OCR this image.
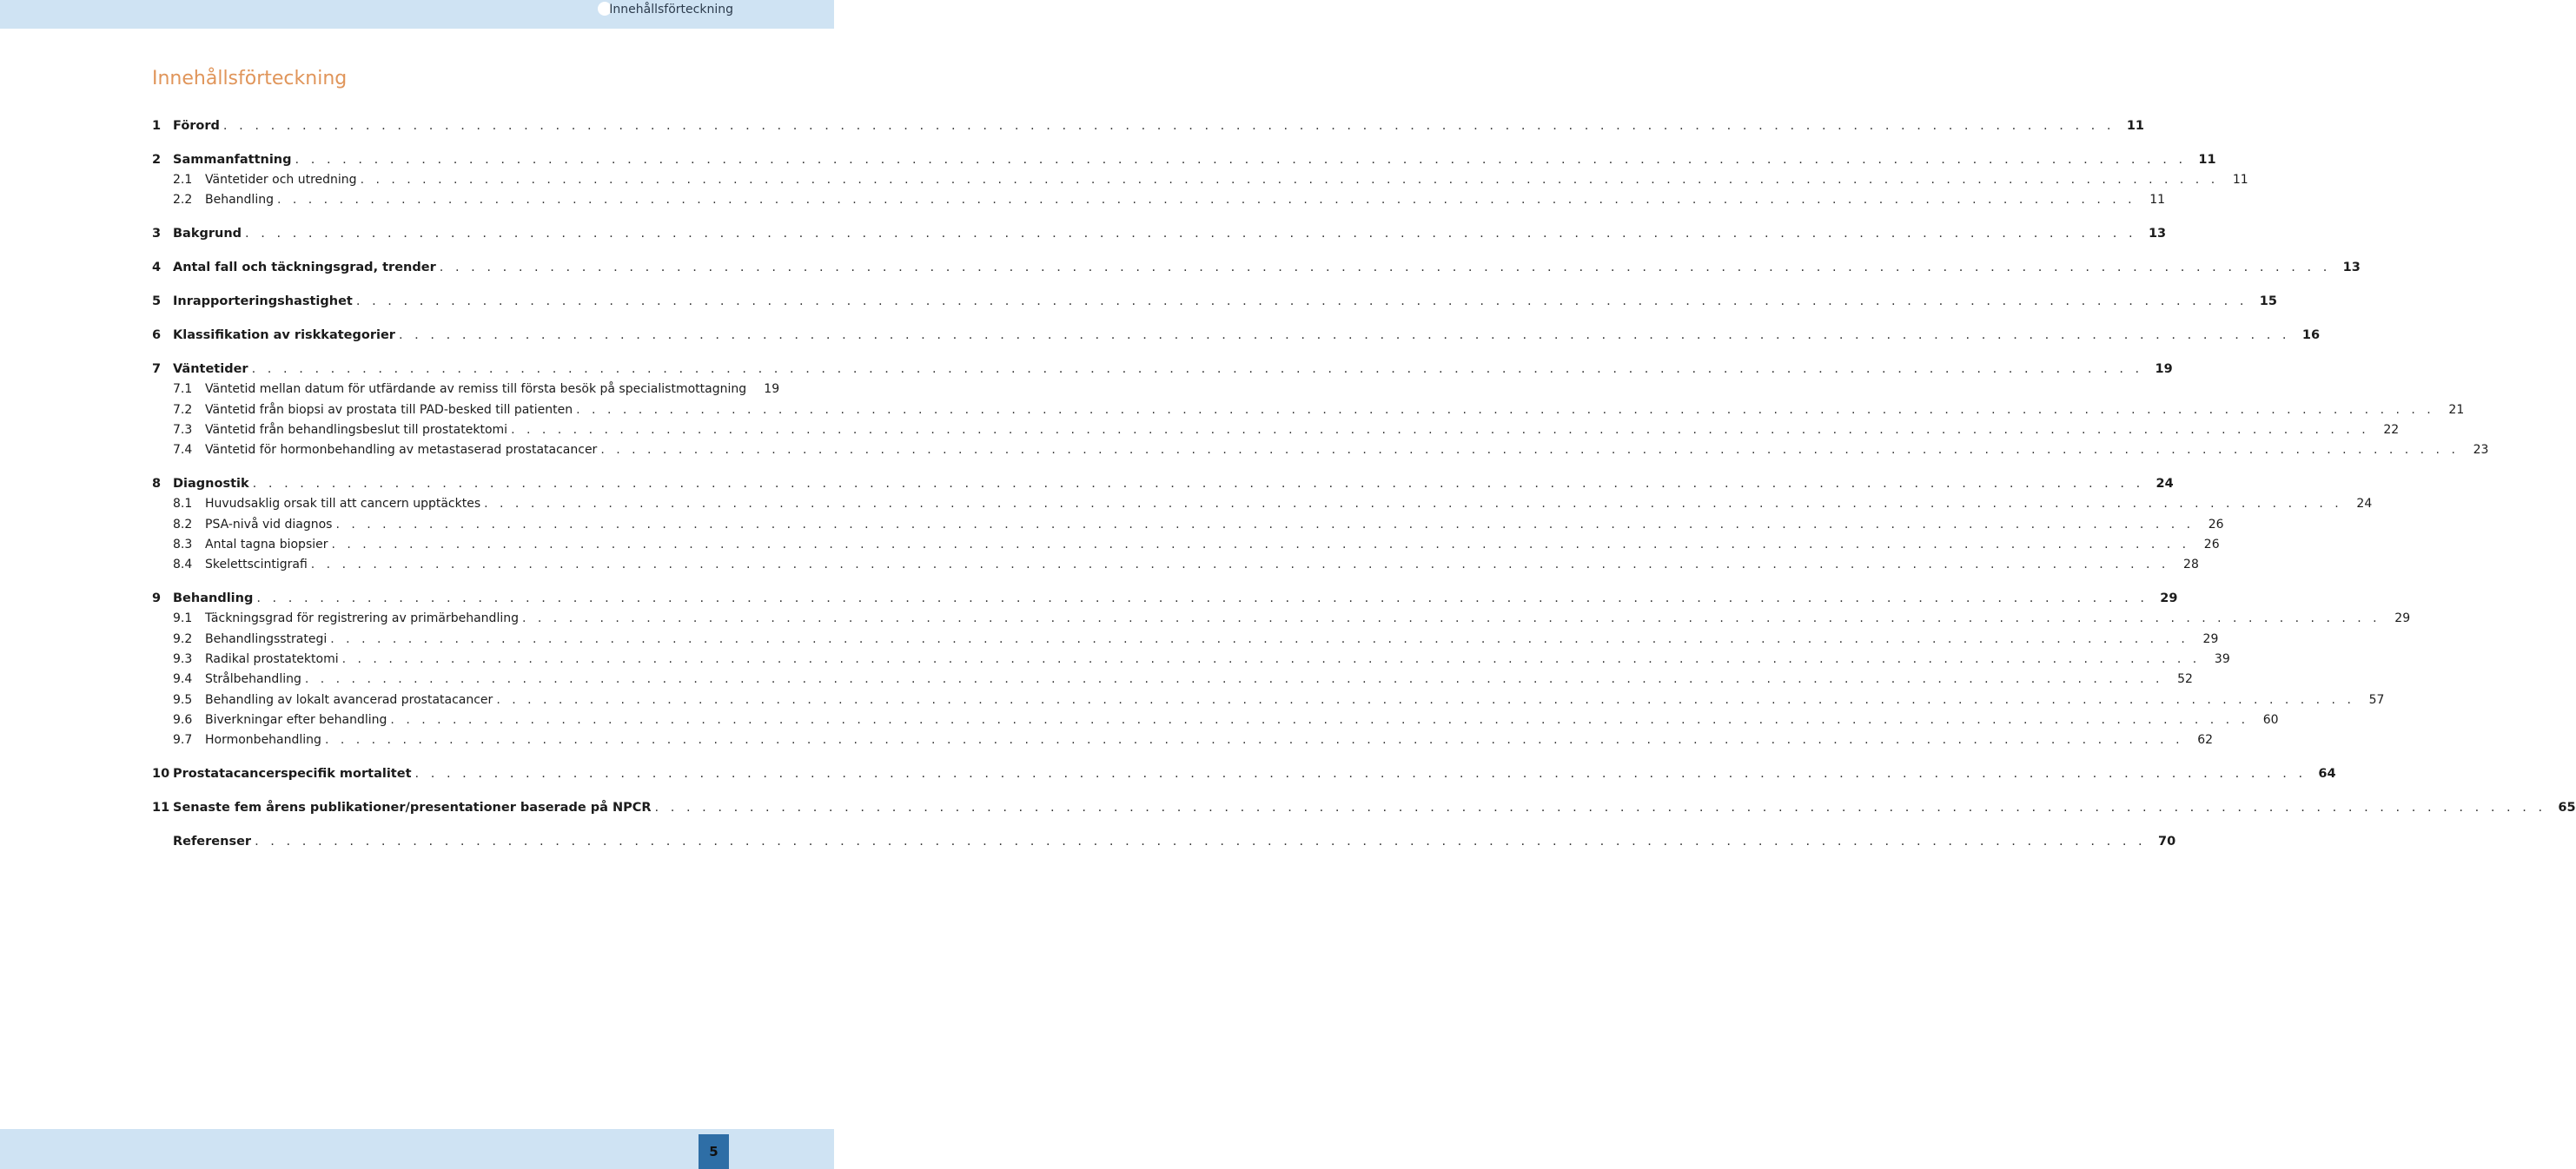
Innehållsförteckning
Innehållsförteckning
1 Förord . . . . . . . . . . . . . . . . . . . . . . . . . . . . . . . . . . . . . . . . . . . . . . . . . . . . . . . . . . . . . . . . . . . . . . . . . . . . . . . . . . . . . . . . . . . . . . . . . . . . . . . . . . . . . . . . . . . . . . . . 11
2 Sammanfattning . . . . . . . . . . . . . . . . . . . . . . . . . . . . . . . . . . . . . . . . . . . . . . . . . . . . . . . . . . . . . . . . . . . . . . . . . . . . . . . . . . . . . . . . . . . . . . . . . . . . . . . . . . . . . . . . . . . . . . . . 11
2.1	Väntetider och utredning . . . . . . . . . . . . . . . . . . . . . . . . . . . . . . . . . . . . . . . . . . . . . . . . . . . . . . . . . . . . . . . . . . . . . . . . . . . . . . . . . . . . . . . . . . . . . . . . . . . . . . . . . . . . . . . . . . . . . . . .	11
2.2	Behandling . . . . . . . . . . . . . . . . . . . . . . . . . . . . . . . . . . . . . . . . . . . . . . . . . . . . . . . . . . . . . . . . . . . . . . . . . . . . . . . . . . . . . . . . . . . . . . . . . . . . . . . . . . . . . . . . . . . . . . . .	11
3 Bakgrund . . . . . . . . . . . . . . . . . . . . . . . . . . . . . . . . . . . . . . . . . . . . . . . . . . . . . . . . . . . . . . . . . . . . . . . . . . . . . . . . . . . . . . . . . . . . . . . . . . . . . . . . . . . . . . . . . . . . . . . . 13
4 Antal fall och täckningsgrad, trender . . . . . . . . . . . . . . . . . . . . . . . . . . . . . . . . . . . . . . . . . . . . . . . . . . . . . . . . . . . . . . . . . . . . . . . . . . . . . . . . . . . . . . . . . . . . . . . . . . . . . . . . . . . . . . . . . . . . . . . . 13
5 Inrapporteringshastighet . . . . . . . . . . . . . . . . . . . . . . . . . . . . . . . . . . . . . . . . . . . . . . . . . . . . . . . . . . . . . . . . . . . . . . . . . . . . . . . . . . . . . . . . . . . . . . . . . . . . . . . . . . . . . . . . . . . . . . . . 15
6 Klassifikation av riskkategorier . . . . . . . . . . . . . . . . . . . . . . . . . . . . . . . . . . . . . . . . . . . . . . . . . . . . . . . . . . . . . . . . . . . . . . . . . . . . . . . . . . . . . . . . . . . . . . . . . . . . . . . . . . . . . . . . . . . . . . . . 16
7 Väntetider . . . . . . . . . . . . . . . . . . . . . . . . . . . . . . . . . . . . . . . . . . . . . . . . . . . . . . . . . . . . . . . . . . . . . . . . . . . . . . . . . . . . . . . . . . . . . . . . . . . . . . . . . . . . . . . . . . . . . . . . 19
7.1	Väntetid mellan datum för utfärdande av remiss till första besök på specialistmottagning	19
7.2	Väntetid från biopsi av prostata till PAD-besked till patienten . . . . . . . . . . . . . . . . . . . . . . . . . . . . . . . . . . . . . . . . . . . . . . . . . . . . . . . . . . . . . . . . . . . . . . . . . . . . . . . . . . . . . . . . . . . . . . . . . . . . . . . . . . . . . . . . . . . . . . . .	21
7.3	Väntetid från behandlingsbeslut till prostatektomi . . . . . . . . . . . . . . . . . . . . . . . . . . . . . . . . . . . . . . . . . . . . . . . . . . . . . . . . . . . . . . . . . . . . . . . . . . . . . . . . . . . . . . . . . . . . . . . . . . . . . . . . . . . . . . . . . . . . . . . .	22
7.4	Väntetid för hormonbehandling av metastaserad prostatacancer . . . . . . . . . . . . . . . . . . . . . . . . . . . . . . . . . . . . . . . . . . . . . . . . . . . . . . . . . . . . . . . . . . . . . . . . . . . . . . . . . . . . . . . . . . . . . . . . . . . . . . . . . . . . . . . . . . . . . . . .	23
8 Diagnostik . . . . . . . . . . . . . . . . . . . . . . . . . . . . . . . . . . . . . . . . . . . . . . . . . . . . . . . . . . . . . . . . . . . . . . . . . . . . . . . . . . . . . . . . . . . . . . . . . . . . . . . . . . . . . . . . . . . . . . . . 24
8.1	Huvudsaklig orsak till att cancern upptäcktes . . . . . . . . . . . . . . . . . . . . . . . . . . . . . . . . . . . . . . . . . . . . . . . . . . . . . . . . . . . . . . . . . . . . . . . . . . . . . . . . . . . . . . . . . . . . . . . . . . . . . . . . . . . . . . . . . . . . . . . .	24
8.2	PSA-nivå vid diagnos . . . . . . . . . . . . . . . . . . . . . . . . . . . . . . . . . . . . . . . . . . . . . . . . . . . . . . . . . . . . . . . . . . . . . . . . . . . . . . . . . . . . . . . . . . . . . . . . . . . . . . . . . . . . . . . . . . . . . . . .	26
8.3	Antal tagna biopsier . . . . . . . . . . . . . . . . . . . . . . . . . . . . . . . . . . . . . . . . . . . . . . . . . . . . . . . . . . . . . . . . . . . . . . . . . . . . . . . . . . . . . . . . . . . . . . . . . . . . . . . . . . . . . . . . . . . . . . . .	26
8.4	Skelettscintigrafi . . . . . . . . . . . . . . . . . . . . . . . . . . . . . . . . . . . . . . . . . . . . . . . . . . . . . . . . . . . . . . . . . . . . . . . . . . . . . . . . . . . . . . . . . . . . . . . . . . . . . . . . . . . . . . . . . . . . . . . .	28
9 Behandling . . . . . . . . . . . . . . . . . . . . . . . . . . . . . . . . . . . . . . . . . . . . . . . . . . . . . . . . . . . . . . . . . . . . . . . . . . . . . . . . . . . . . . . . . . . . . . . . . . . . . . . . . . . . . . . . . . . . . . . . 29
9.1	Täckningsgrad för registrering av primärbehandling . . . . . . . . . . . . . . . . . . . . . . . . . . . . . . . . . . . . . . . . . . . . . . . . . . . . . . . . . . . . . . . . . . . . . . . . . . . . . . . . . . . . . . . . . . . . . . . . . . . . . . . . . . . . . . . . . . . . . . . .	29
9.2	Behandlingsstrategi . . . . . . . . . . . . . . . . . . . . . . . . . . . . . . . . . . . . . . . . . . . . . . . . . . . . . . . . . . . . . . . . . . . . . . . . . . . . . . . . . . . . . . . . . . . . . . . . . . . . . . . . . . . . . . . . . . . . . . . .	29
9.3	Radikal prostatektomi . . . . . . . . . . . . . . . . . . . . . . . . . . . . . . . . . . . . . . . . . . . . . . . . . . . . . . . . . . . . . . . . . . . . . . . . . . . . . . . . . . . . . . . . . . . . . . . . . . . . . . . . . . . . . . . . . . . . . . . .	39
9.4	Strålbehandling . . . . . . . . . . . . . . . . . . . . . . . . . . . . . . . . . . . . . . . . . . . . . . . . . . . . . . . . . . . . . . . . . . . . . . . . . . . . . . . . . . . . . . . . . . . . . . . . . . . . . . . . . . . . . . . . . . . . . . . .	52
9.5	Behandling av lokalt avancerad prostatacancer . . . . . . . . . . . . . . . . . . . . . . . . . . . . . . . . . . . . . . . . . . . . . . . . . . . . . . . . . . . . . . . . . . . . . . . . . . . . . . . . . . . . . . . . . . . . . . . . . . . . . . . . . . . . . . . . . . . . . . . .	57
9.6	Biverkningar efter behandling . . . . . . . . . . . . . . . . . . . . . . . . . . . . . . . . . . . . . . . . . . . . . . . . . . . . . . . . . . . . . . . . . . . . . . . . . . . . . . . . . . . . . . . . . . . . . . . . . . . . . . . . . . . . . . . . . . . . . . . .	60
9.7	Hormonbehandling . . . . . . . . . . . . . . . . . . . . . . . . . . . . . . . . . . . . . . . . . . . . . . . . . . . . . . . . . . . . . . . . . . . . . . . . . . . . . . . . . . . . . . . . . . . . . . . . . . . . . . . . . . . . . . . . . . . . . . . .	62
10 Prostatacancerspecifik mortalitet . . . . . . . . . . . . . . . . . . . . . . . . . . . . . . . . . . . . . . . . . . . . . . . . . . . . . . . . . . . . . . . . . . . . . . . . . . . . . . . . . . . . . . . . . . . . . . . . . . . . . . . . . . . . . . . . . . . . . . . . 64
11 Senaste fem årens publikationer/presentationer baserade på NPCR . . . . . . . . . . . . . . . . . . . . . . . . . . . . . . . . . . . . . . . . . . . . . . . . . . . . . . . . . . . . . . . . . . . . . . . . . . . . . . . . . . . . . . . . . . . . . . . . . . . . . . . . . . . . . . . . . . . . . . . . 65
Referenser . . . . . . . . . . . . . . . . . . . . . . . . . . . . . . . . . . . . . . . . . . . . . . . . . . . . . . . . . . . . . . . . . . . . . . . . . . . . . . . . . . . . . . . . . . . . . . . . . . . . . . . . . . . . . . . . . . . . . . . . 70
5
